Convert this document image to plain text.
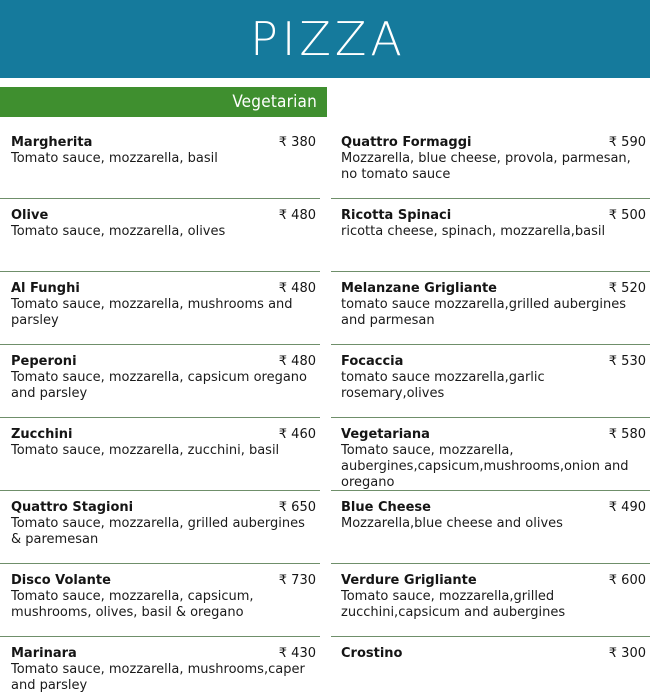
PIZZA
Vegetarian
Margherita	₹ 380
Tomato sauce, mozzarella, basil
Olive	₹ 480
Tomato sauce, mozzarella, olives
Al Funghi	₹ 480
Tomato sauce, mozzarella, mushrooms and parsley
Peperoni	₹ 480
Tomato sauce, mozzarella, capsicum oregano and parsley
Zucchini	₹ 460
Tomato sauce, mozzarella, zucchini, basil
Quattro Stagioni	₹ 650
Tomato sauce, mozzarella, grilled aubergines & paremesan
Disco Volante	₹ 730
Tomato sauce, mozzarella, capsicum, mushrooms, olives, basil & oregano
Marinara	₹ 430
Tomato sauce, mozzarella, mushrooms,caper and parsley
Quattro Formaggi	₹ 590
Mozzarella, blue cheese, provola, parmesan, no tomato sauce
Ricotta Spinaci	₹ 500
ricotta cheese, spinach, mozzarella,basil
Melanzane Grigliante	₹ 520
tomato sauce mozzarella,grilled aubergines and parmesan
Focaccia	₹ 530
tomato sauce mozzarella,garlic rosemary,olives
Vegetariana	₹ 580
Tomato sauce, mozzarella, aubergines,capsicum,mushrooms,onion and oregano
Blue Cheese	₹ 490
Mozzarella,blue cheese and olives
Verdure Grigliante	₹ 600
Tomato sauce, mozzarella,grilled zucchini,capsicum and aubergines
Crostino	₹ 300
